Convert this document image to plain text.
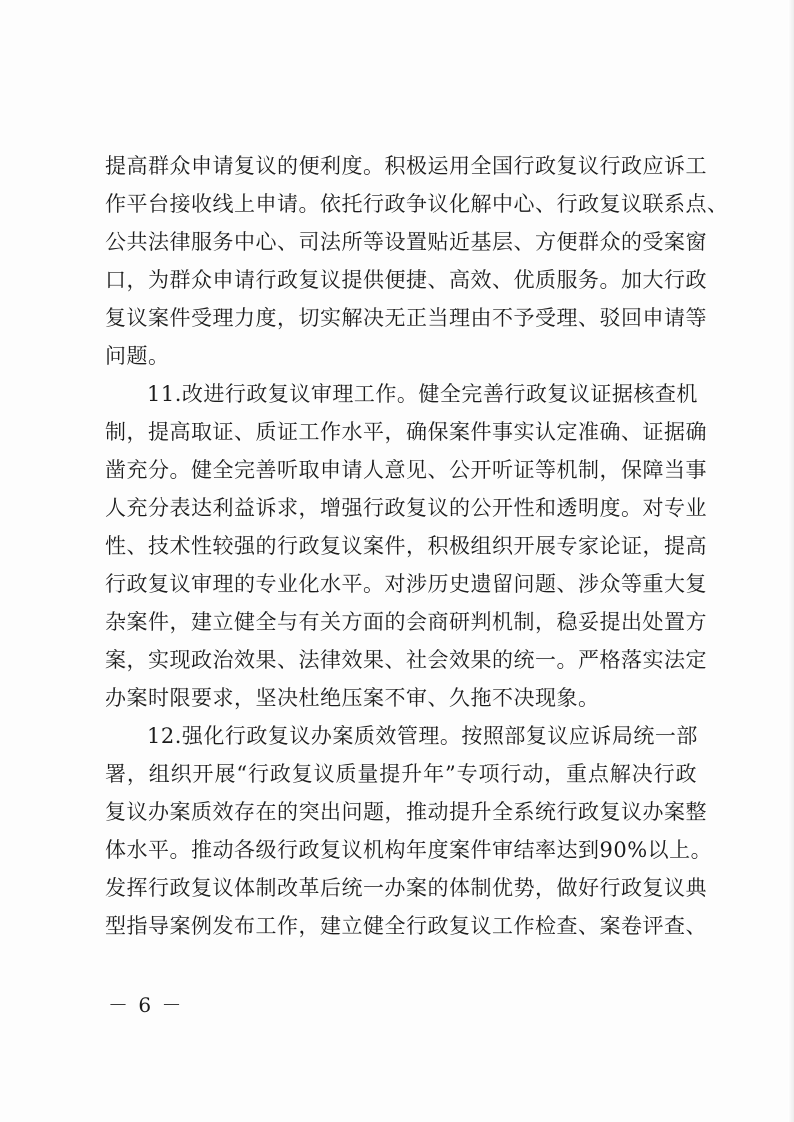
提高群众申请复议的便利度。积极运用全国行政复议行政应诉工
作平台接收线上申请。依托行政争议化解中心、行政复议联系点、
公共法律服务中心、司法所等设置贴近基层、方便群众的受案窗
口，为群众申请行政复议提供便捷、高效、优质服务。加大行政
复议案件受理力度，切实解决无正当理由不予受理、驳回申请等
问题。
11.改进行政复议审理工作。健全完善行政复议证据核查机
制，提高取证、质证工作水平，确保案件事实认定准确、证据确
凿充分。健全完善听取申请人意见、公开听证等机制，保障当事
人充分表达利益诉求，增强行政复议的公开性和透明度。对专业
性、技术性较强的行政复议案件，积极组织开展专家论证，提高
行政复议审理的专业化水平。对涉历史遗留问题、涉众等重大复
杂案件，建立健全与有关方面的会商研判机制，稳妥提出处置方
案，实现政治效果、法律效果、社会效果的统一。严格落实法定
办案时限要求，坚决杜绝压案不审、久拖不决现象。
12.强化行政复议办案质效管理。按照部复议应诉局统一部
署，组织开展“行政复议质量提升年”专项行动，重点解决行政
复议办案质效存在的突出问题，推动提升全系统行政复议办案整
体水平。推动各级行政复议机构年度案件审结率达到90%以上。
发挥行政复议体制改革后统一办案的体制优势，做好行政复议典
型指导案例发布工作，建立健全行政复议工作检查、案卷评查、
－ 6 －
